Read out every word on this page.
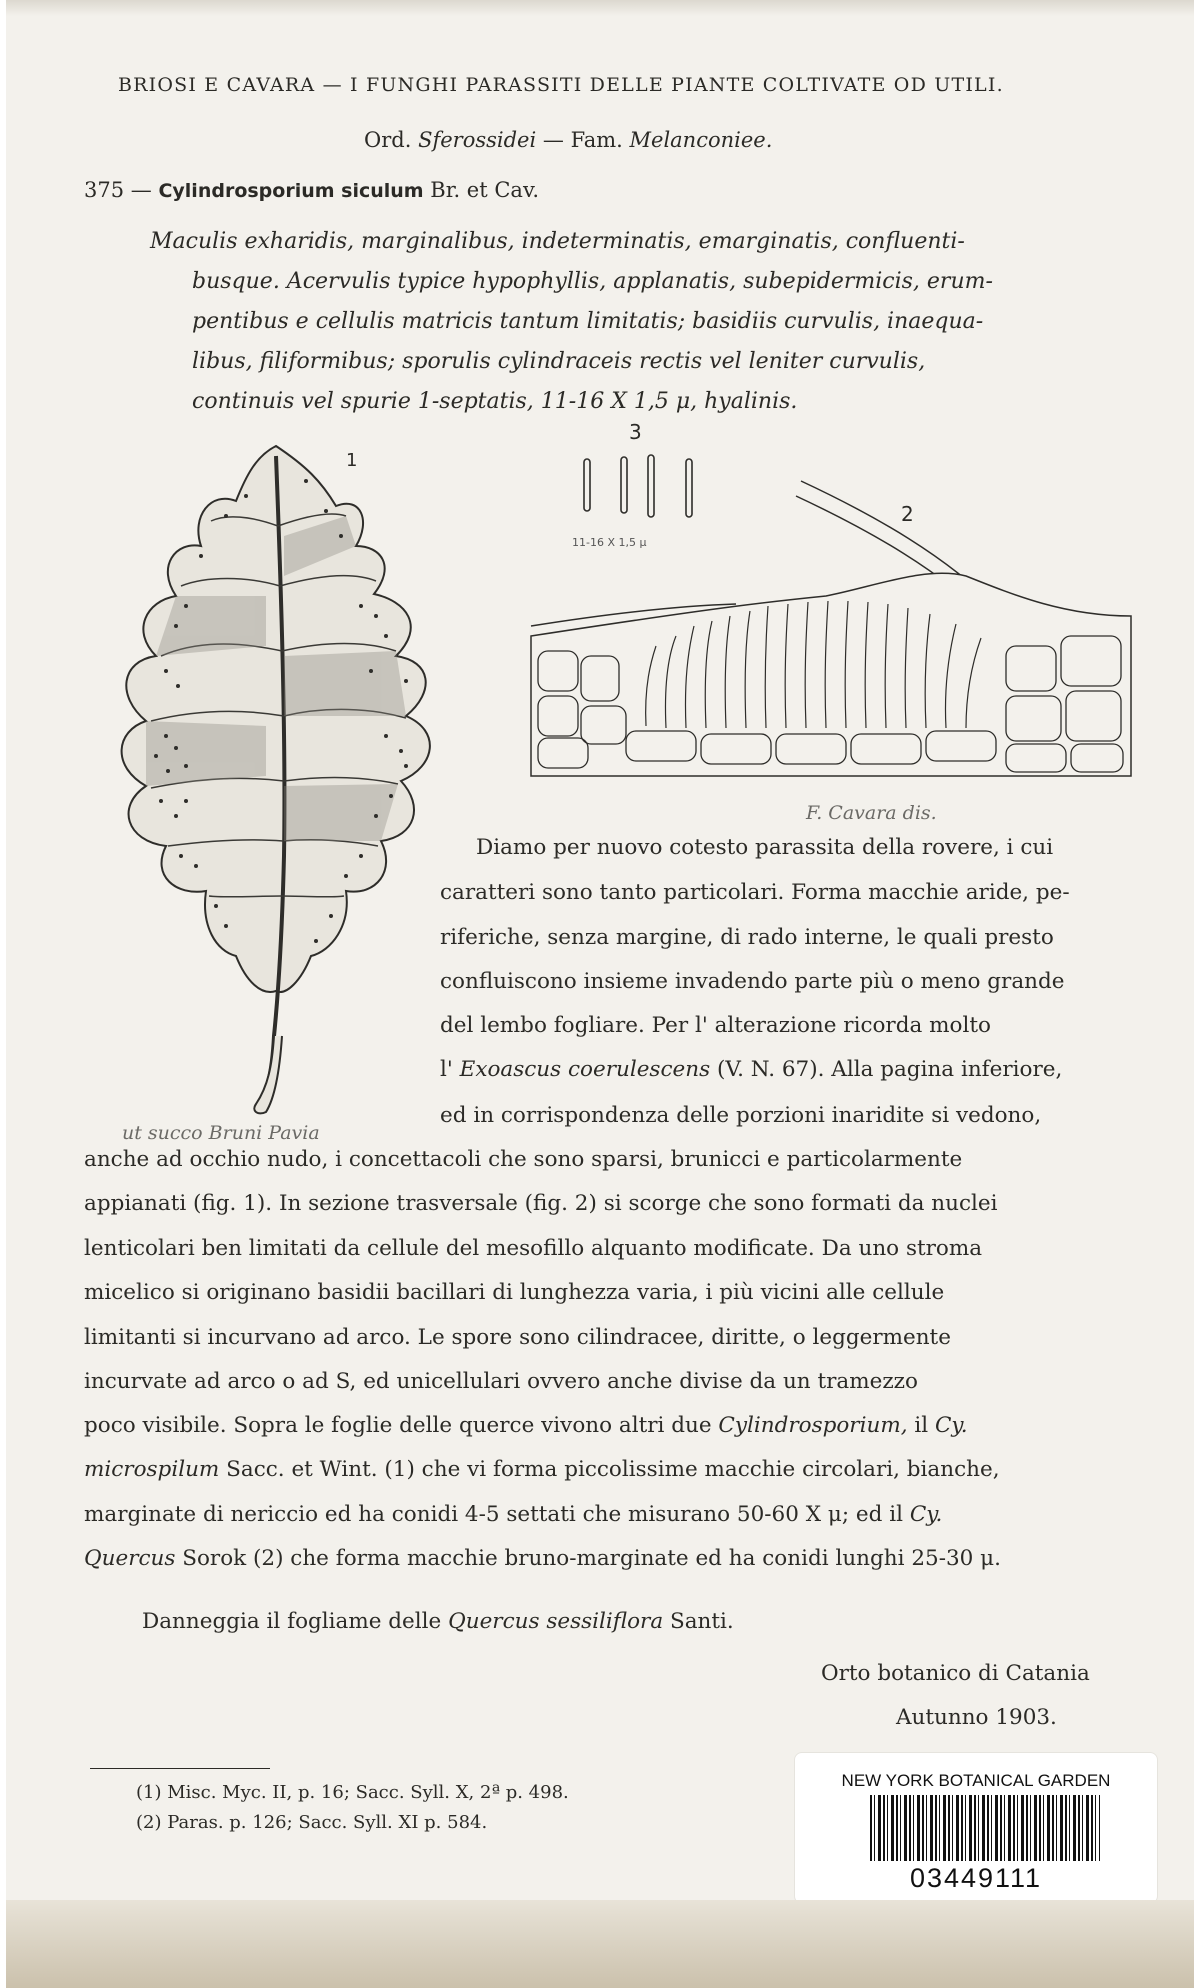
BRIOSI E CAVARA — I FUNGHI PARASSITI DELLE PIANTE COLTIVATE OD UTILI.
Ord. Sferossidei — Fam. Melanconiee.
375 — Cylindrosporium siculum Br. et Cav.
Maculis exharidis, marginalibus, indeterminatis, emarginatis, confluenti-
busque. Acervulis typice hypophyllis, applanatis, subepidermicis, erum-
pentibus e cellulis matricis tantum limitatis; basidiis curvulis, inaequa-
libus, filiformibus; sporulis cylindraceis rectis vel leniter curvulis,
continuis vel spurie 1-septatis, 11-16 X 1,5 μ, hyalinis.
1
3
11-16 X 1,5 μ
2
F. Cavara dis.
Diamo per nuovo cotesto parassita della rovere, i cui
caratteri sono tanto particolari. Forma macchie aride, pe-
riferiche, senza margine, di rado interne, le quali presto
confluiscono insieme invadendo parte più o meno grande
del lembo fogliare. Per l' alterazione ricorda molto
l' Exoascus coerulescens (V. N. 67). Alla pagina inferiore,
ut succo Bruni Pavia
ed in corrispondenza delle porzioni inaridite si vedono,
anche ad occhio nudo, i concettacoli che sono sparsi, brunicci e particolarmente
appianati (fig. 1). In sezione trasversale (fig. 2) si scorge che sono formati da nuclei
lenticolari ben limitati da cellule del mesofillo alquanto modificate. Da uno stroma
micelico si originano basidii bacillari di lunghezza varia, i più vicini alle cellule
limitanti si incurvano ad arco. Le spore sono cilindracee, diritte, o leggermente
incurvate ad arco o ad S, ed unicellulari ovvero anche divise da un tramezzo
poco visibile. Sopra le foglie delle querce vivono altri due Cylindrosporium, il Cy.
microspilum Sacc. et Wint. (1) che vi forma piccolissime macchie circolari, bianche,
marginate di nericcio ed ha conidi 4-5 settati che misurano 50-60 X μ; ed il Cy.
Quercus Sorok (2) che forma macchie bruno-marginate ed ha conidi lunghi 25-30 μ.
Danneggia il fogliame delle Quercus sessiliflora Santi.
Orto botanico di Catania
Autunno 1903.
(1) Misc. Myc. II, p. 16; Sacc. Syll. X, 2ª p. 498.
(2) Paras. p. 126; Sacc. Syll. XI p. 584.
NEW YORK BOTANICAL GARDEN
03449111
